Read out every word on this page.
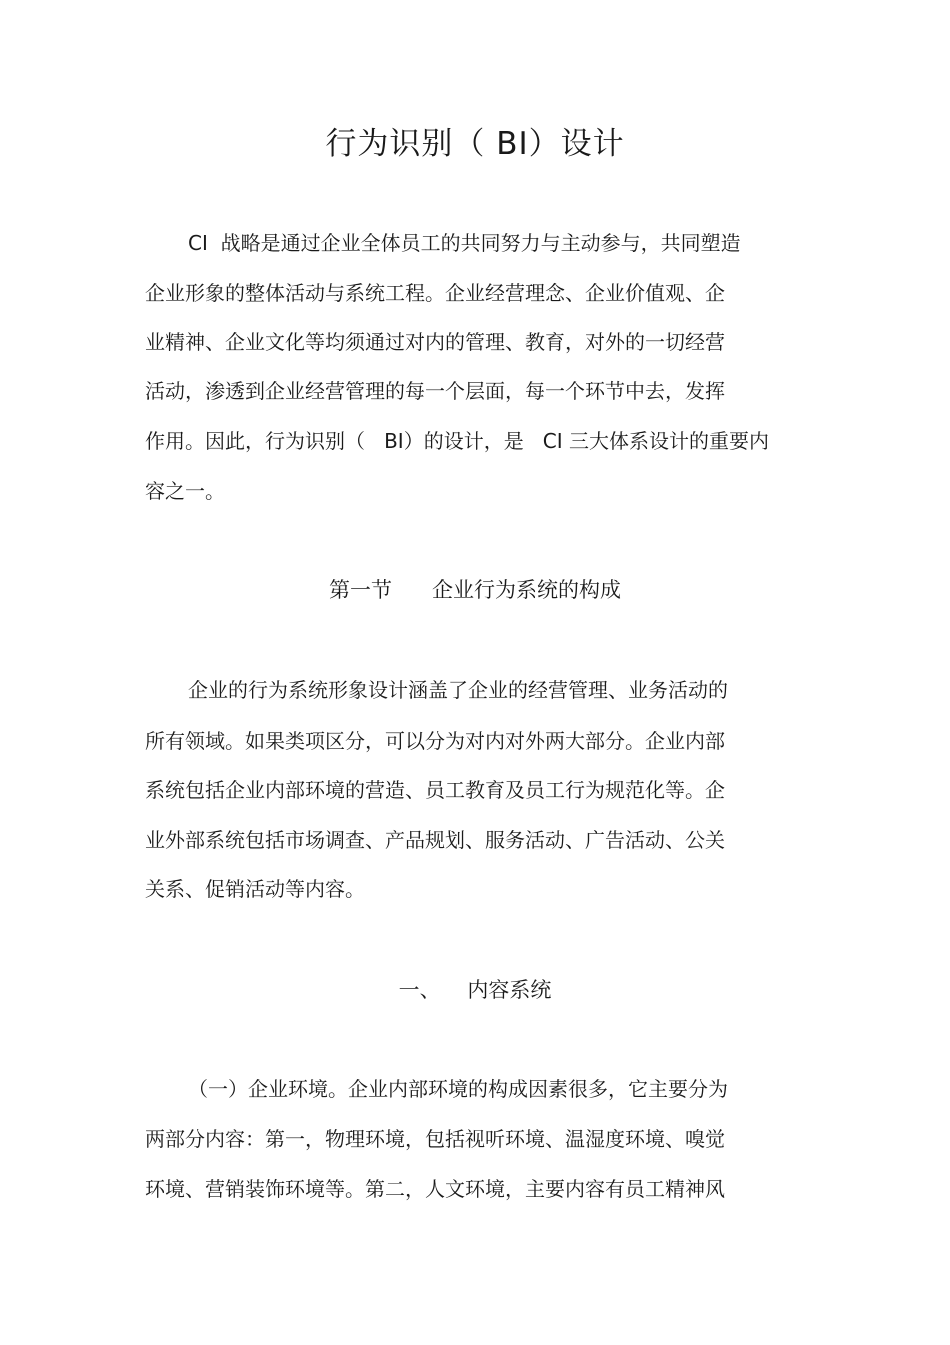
行为识别（ BI）设计
CI  战略是通过企业全体员工的共同努力与主动参与，共同塑造
企业形象的整体活动与系统工程。企业经营理念、企业价值观、企
业精神、企业文化等均须通过对内的管理、教育，对外的一切经营
活动，渗透到企业经营管理的每一个层面，每一个环节中去，发挥
作用。因此，行为识别（   BI）的设计，是   CI 三大体系设计的重要内
容之一。
第一节      企业行为系统的构成
企业的行为系统形象设计涵盖了企业的经营管理、业务活动的
所有领域。如果类项区分，可以分为对内对外两大部分。企业内部
系统包括企业内部环境的营造、员工教育及员工行为规范化等。企
业外部系统包括市场调查、产品规划、服务活动、广告活动、公关
关系、促销活动等内容。
一、    内容系统
（一）企业环境。企业内部环境的构成因素很多，它主要分为
两部分内容：第一，物理环境，包括视听环境、温湿度环境、嗅觉
环境、营销装饰环境等。第二，人文环境，主要内容有员工精神风
